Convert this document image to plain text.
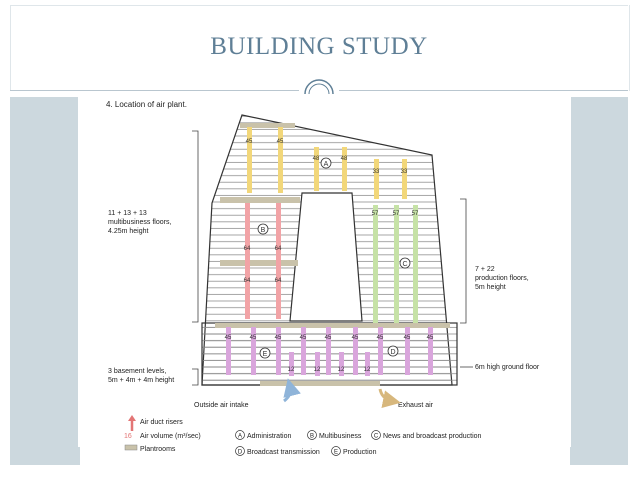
BUILDING STUDY
4. Location of air plant.
45	45
48	48
33	33
64	64
64	64
57 57 57
45	45	45	45	45	45	45	45	45
12	12	12	12
A
B
C
D
E
11 + 13 + 13
multibusiness floors,
4.25m height
3 basement levels,
5m + 4m + 4m height
7 + 22
production floors,
5m height
6m high ground floor
Outside air intake	Exhaust air
Air duct risers
16 Air volume (m³/sec)
Plantrooms
A Administration	B Multibusiness C News and broadcast production
D Broadcast transmission E Production
